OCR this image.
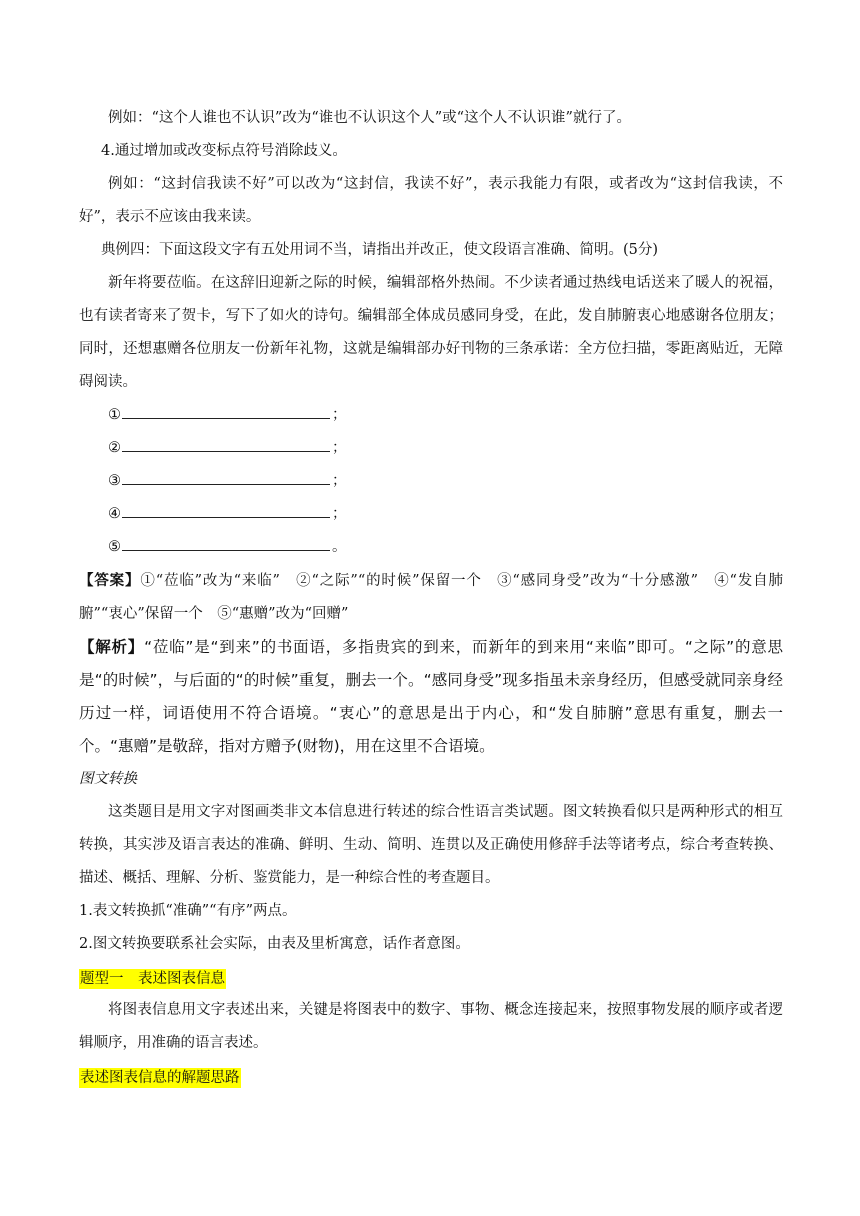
例如：“这个人谁也不认识”改为“谁也不认识这个人”或“这个人不认识谁”就行了。

4.通过增加或改变标点符号消除歧义。

例如：“这封信我读不好”可以改为“这封信，我读不好”，表示我能力有限，或者改为“这封信我读，不好”，表示不应该由我来读。

典例四：下面这段文字有五处用词不当，请指出并改正，使文段语言准确、简明。(5分)

新年将要莅临。在这辞旧迎新之际的时候，编辑部格外热闹。不少读者通过热线电话送来了暖人的祝福，也有读者寄来了贺卡，写下了如火的诗句。编辑部全体成员感同身受，在此，发自肺腑衷心地感谢各位朋友；同时，还想惠赠各位朋友一份新年礼物，这就是编辑部办好刊物的三条承诺：全方位扫描，零距离贴近，无障碍阅读。

①	；

②	；

③	；

④	；

⑤	。

【答案】①“莅临”改为“来临”　②“之际”“的时候”保留一个　③“感同身受”改为“十分感激”　④“发自肺腑”“衷心”保留一个　⑤“惠赠”改为“回赠”

【解析】“莅临”是“到来”的书面语，多指贵宾的到来，而新年的到来用“来临”即可。“之际”的意思是“的时候”，与后面的“的时候”重复，删去一个。“感同身受”现多指虽未亲身经历，但感受就同亲身经历过一样，词语使用不符合语境。“衷心”的意思是出于内心，和“发自肺腑”意思有重复，删去一个。“惠赠”是敬辞，指对方赠予(财物)，用在这里不合语境。

图文转换

这类题目是用文字对图画类非文本信息进行转述的综合性语言类试题。图文转换看似只是两种形式的相互转换，其实涉及语言表达的准确、鲜明、生动、简明、连贯以及正确使用修辞手法等诸考点，综合考查转换、描述、概括、理解、分析、鉴赏能力，是一种综合性的考查题目。

1.表文转换抓“准确”“有序”两点。

2.图文转换要联系社会实际，由表及里析寓意，话作者意图。

题型一　表述图表信息

将图表信息用文字表述出来，关键是将图表中的数字、事物、概念连接起来，按照事物发展的顺序或者逻辑顺序，用准确的语言表述。

表述图表信息的解题思路
